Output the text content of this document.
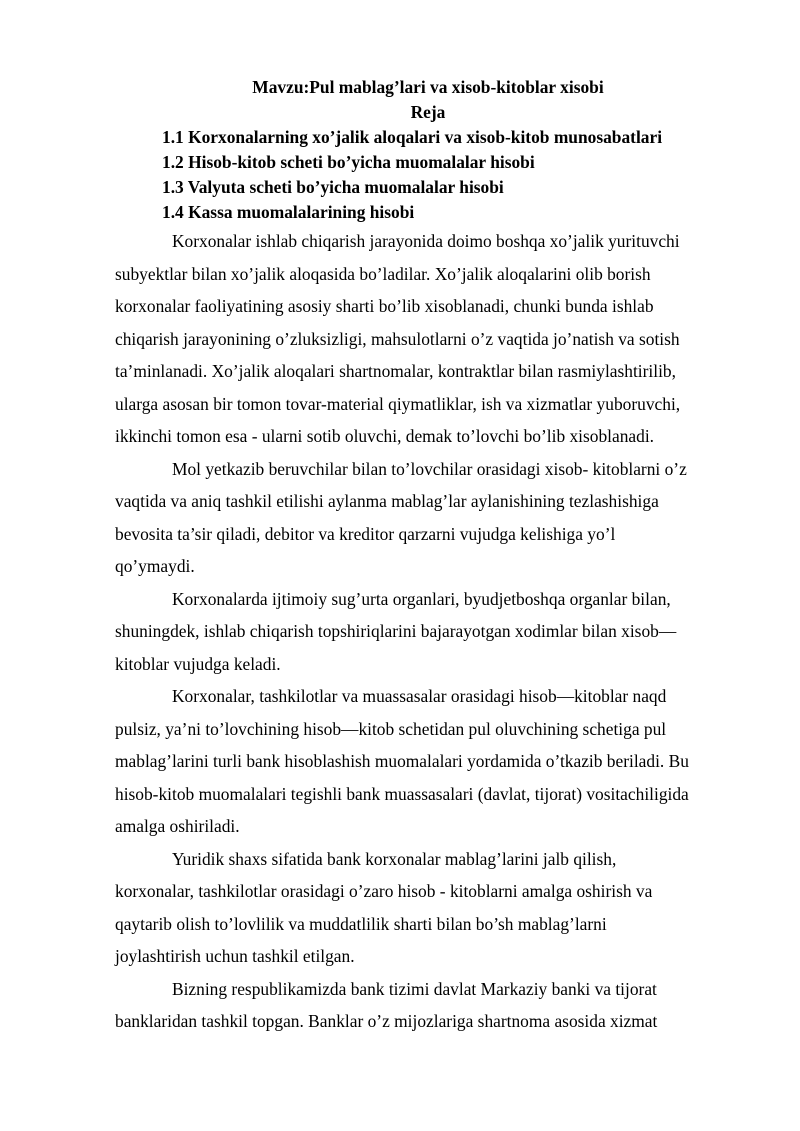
Mavzu:Pul mablag’lari va xisob-kitoblar xisobi
Reja
1.1 Korxonalarning xo’jalik aloqalari va xisob-kitob munosabatlari
1.2 Hisob-kitob scheti bo’yicha muomalalar hisobi
1.3 Valyuta scheti bo’yicha muomalalar hisobi
1.4 Kassa muomalalarining hisobi

Korxonalar ishlab chiqarish jarayonida doimo boshqa xo’jalik yurituvchi
subyektlar bilan xo’jalik aloqasida bo’ladilar. Xo’jalik aloqalarini olib borish
korxonalar faoliyatining asosiy sharti bo’lib xisoblanadi, chunki bunda ishlab
chiqarish jarayonining o’zluksizligi, mahsulotlarni o’z vaqtida jo’natish va sotish
ta’minlanadi. Xo’jalik aloqalari shartnomalar, kontraktlar bilan rasmiylashtirilib,
ularga asosan bir tomon tovar-material qiymatliklar, ish va xizmatlar yuboruvchi,
ikkinchi tomon esa - ularni sotib oluvchi, demak to’lovchi bo’lib xisoblanadi.

Mol yetkazib beruvchilar bilan to’lovchilar orasidagi xisob- kitoblarni o’z
vaqtida va aniq tashkil etilishi aylanma mablag’lar aylanishining tezlashishiga
bevosita ta’sir qiladi, debitor va kreditor qarzarni vujudga kelishiga yo’l
qo’ymaydi.

Korxonalarda ijtimoiy sug’urta organlari, byudjetboshqa organlar bilan,
shuningdek, ishlab chiqarish topshiriqlarini bajarayotgan xodimlar bilan xisob—
kitoblar vujudga keladi.

Korxonalar, tashkilotlar va muassasalar orasidagi hisob—kitoblar naqd
pulsiz, ya’ni to’lovchining hisob—kitob schetidan pul oluvchining schetiga pul
mablag’larini turli bank hisoblashish muomalalari yordamida o’tkazib beriladi. Bu
hisob-kitob muomalalari tegishli bank muassasalari (davlat, tijorat) vositachiligida
amalga oshiriladi.

Yuridik shaxs sifatida bank korxonalar mablag’larini jalb qilish,
korxonalar, tashkilotlar orasidagi o’zaro hisob - kitoblarni amalga oshirish va
qaytarib olish to’lovlilik va muddatlilik sharti bilan bo’sh mablag’larni
joylashtirish uchun tashkil etilgan.

Bizning respublikamizda bank tizimi davlat Markaziy banki va tijorat
banklaridan tashkil topgan. Banklar o’z mijozlariga shartnoma asosida xizmat
